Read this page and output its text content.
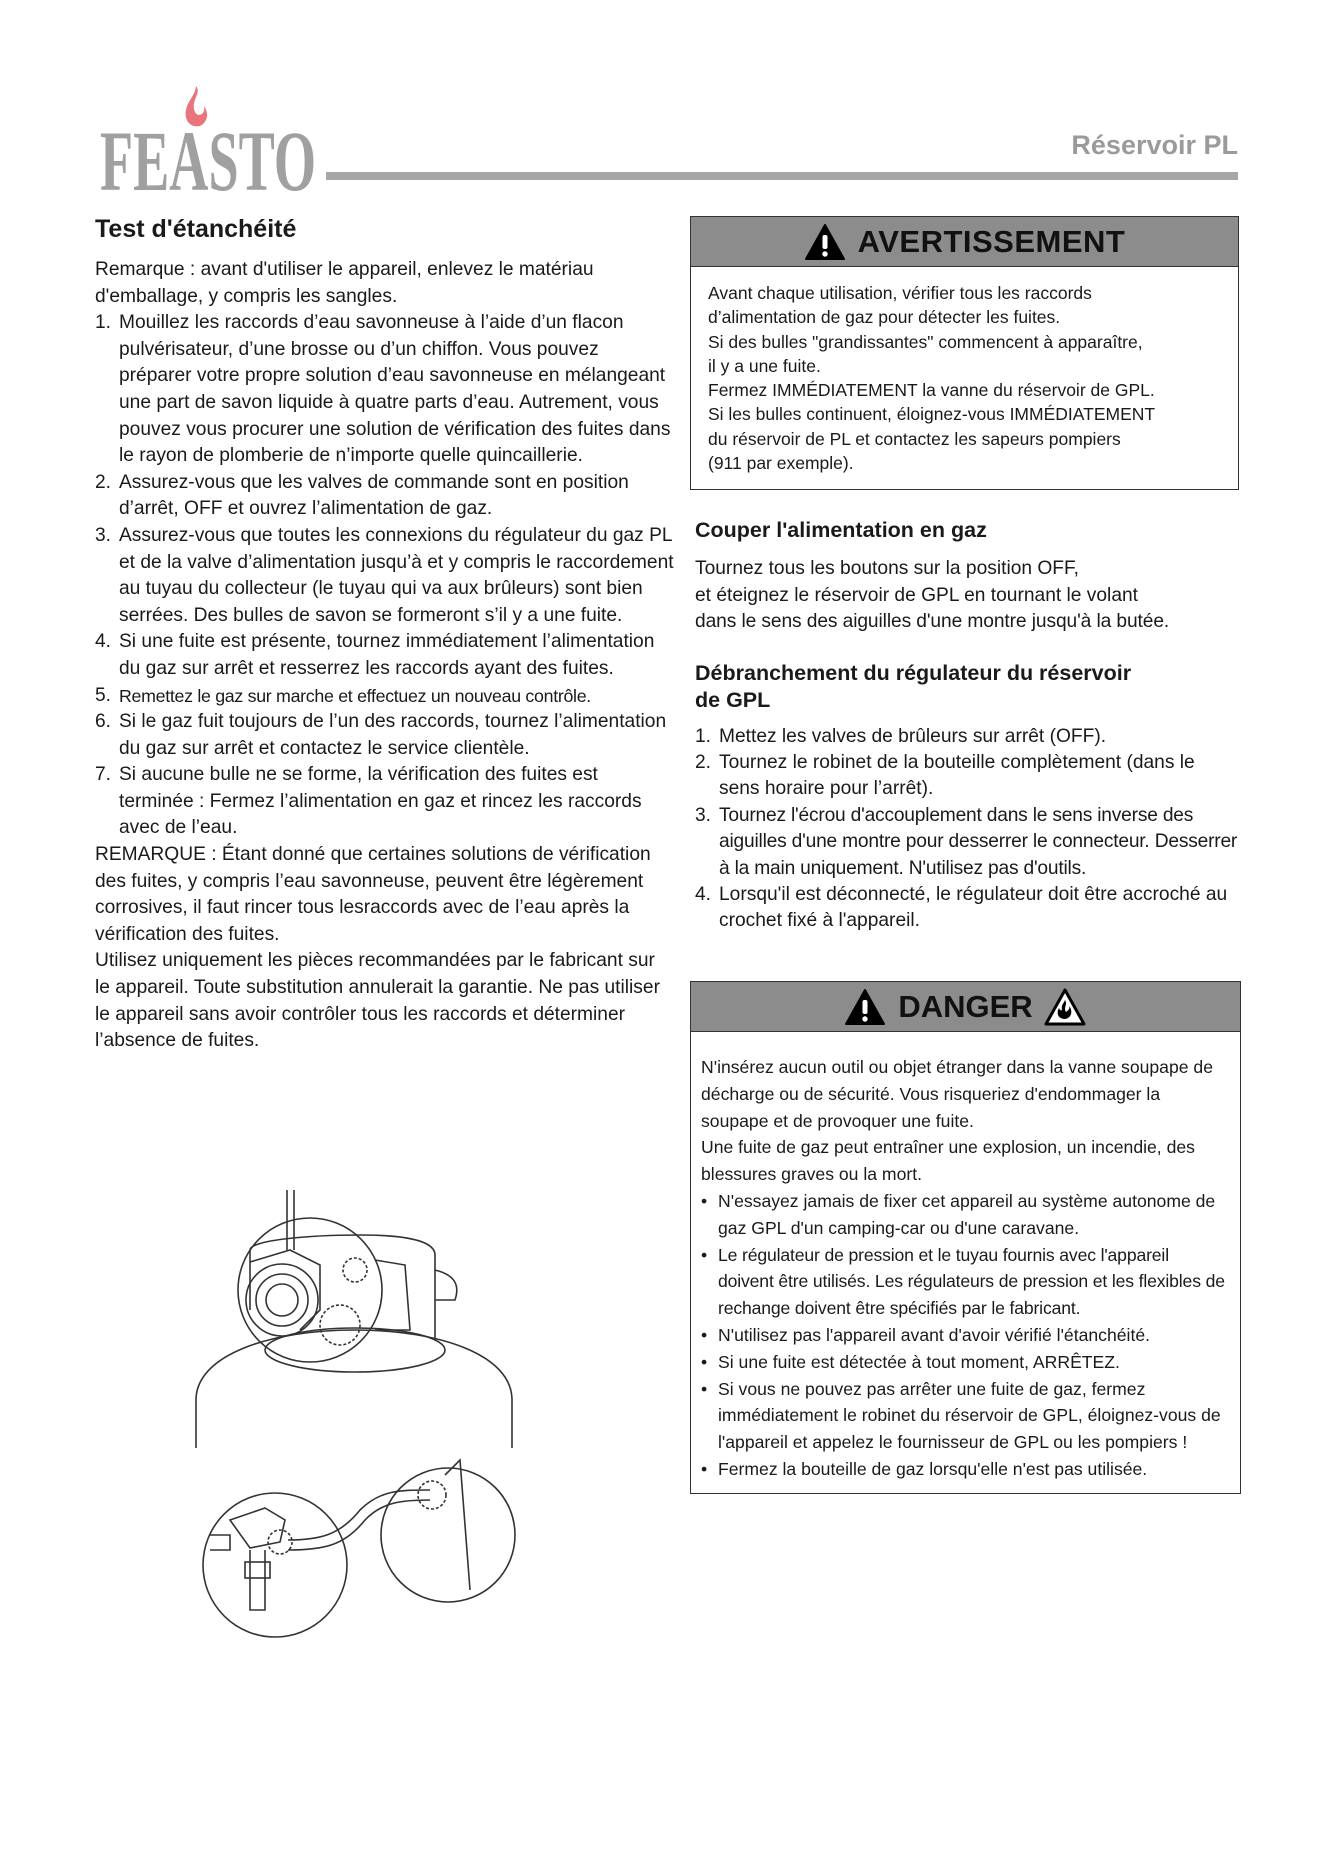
FEASTO	Réservoir PL
Test d'étanchéité

Remarque : avant d'utiliser le appareil, enlevez le matériau d'emballage, y compris les sangles.

1. Mouillez les raccords d’eau savonneuse à l’aide d’un flacon pulvérisateur, d’une brosse ou d’un chiffon. Vous pouvez préparer votre propre solution d’eau savonneuse en mélangeant une part de savon liquide à quatre parts d’eau. Autrement, vous pouvez vous procurer une solution de vérification des fuites dans le rayon de plomberie de n’importe quelle quincaillerie.
2. Assurez-vous que les valves de commande sont en position d’arrêt, OFF et ouvrez l’alimentation de gaz.
3. Assurez-vous que toutes les connexions du régulateur du gaz PL et de la valve d’alimentation jusqu’à et y compris le raccordement au tuyau du collecteur (le tuyau qui va aux brûleurs) sont bien serrées. Des bulles de savon se formeront s’il y a une fuite.
4. Si une fuite est présente, tournez immédiatement l’alimentation du gaz sur arrêt et resserrez les raccords ayant des fuites.
5. Remettez le gaz sur marche et effectuez un nouveau contrôle.
6. Si le gaz fuit toujours de l’un des raccords, tournez l’alimentation du gaz sur arrêt et contactez le service clientèle.
7. Si aucune bulle ne se forme, la vérification des fuites est terminée : Fermez l’alimentation en gaz et rincez les raccords avec de l’eau.

REMARQUE : Étant donné que certaines solutions de vérification des fuites, y compris l’eau savonneuse, peuvent être légèrement corrosives, il faut rincer tous lesraccords avec de l’eau après la vérification des fuites.

Utilisez uniquement les pièces recommandées par le fabricant sur le appareil. Toute substitution annulerait la garantie. Ne pas utiliser le appareil sans avoir contrôler tous les raccords et déterminer l’absence de fuites.

AVERTISSEMENT

Avant chaque utilisation, vérifier tous les raccords

d’alimentation de gaz pour détecter les fuites.

Si des bulles "grandissantes" commencent à apparaître,

il y a une fuite.

Fermez IMMÉDIATEMENT la vanne du réservoir de GPL.

Si les bulles continuent, éloignez-vous IMMÉDIATEMENT

du réservoir de PL et contactez les sapeurs pompiers

(911 par exemple).

Couper l'alimentation en gaz

Tournez tous les boutons sur la position OFF,

et éteignez le réservoir de GPL en tournant le volant

dans le sens des aiguilles d'une montre jusqu'à la butée.

Débranchement du régulateur du réservoir
de GPL
1. Mettez les valves de brûleurs sur arrêt (OFF).
2. Tournez le robinet de la bouteille complètement (dans le sens horaire pour l’arrêt).
3. Tournez l'écrou d'accouplement dans le sens inverse des aiguilles d'une montre pour desserrer le connecteur. Desserrer à la main uniquement. N'utilisez pas d'outils.
4. Lorsqu'il est déconnecté, le régulateur doit être accroché au crochet fixé à l'appareil.
DANGER

N'insérez aucun outil ou objet étranger dans la vanne soupape de décharge ou de sécurité. Vous risqueriez d'endommager la soupape et de provoquer une fuite.

Une fuite de gaz peut entraîner une explosion, un incendie, des blessures graves ou la mort.

• N'essayez jamais de fixer cet appareil au système autonome de gaz GPL d'un camping-car ou d'une caravane.
• Le régulateur de pression et le tuyau fournis avec l'appareil doivent être utilisés. Les régulateurs de pression et les flexibles de rechange doivent être spécifiés par le fabricant.
• N'utilisez pas l'appareil avant d'avoir vérifié l'étanchéité.
• Si une fuite est détectée à tout moment, ARRÊTEZ.
• Si vous ne pouvez pas arrêter une fuite de gaz, fermez immédiatement le robinet du réservoir de GPL, éloignez-vous de l'appareil et appelez le fournisseur de GPL ou les pompiers !
• Fermez la bouteille de gaz lorsqu'elle n'est pas utilisée.
